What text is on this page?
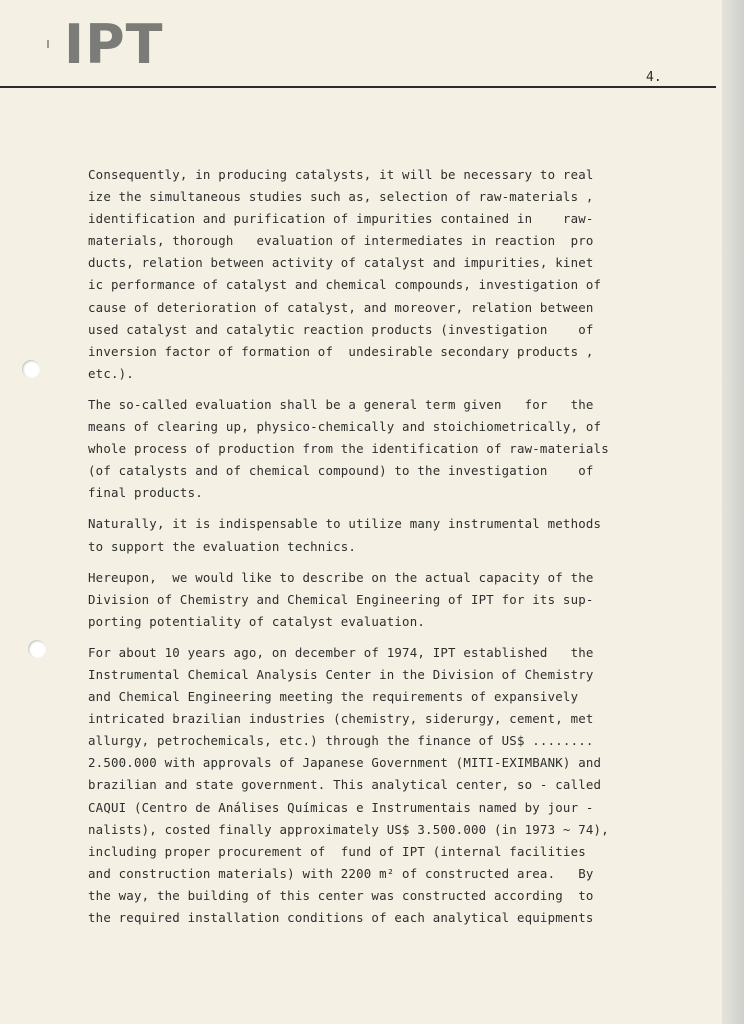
IPT
4.
Consequently, in producing catalysts, it will be necessary to real
ize the simultaneous studies such as, selection of raw-materials ,
identification and purification of impurities contained in    raw-
materials, thorough   evaluation of intermediates in reaction  pro
ducts, relation between activity of catalyst and impurities, kinet
ic performance of catalyst and chemical compounds, investigation of
cause of deterioration of catalyst, and moreover, relation between
used catalyst and catalytic reaction products (investigation    of
inversion factor of formation of  undesirable secondary products ,
etc.).
The so-called evaluation shall be a general term given   for   the
means of clearing up, physico-chemically and stoichiometrically, of
whole process of production from the identification of raw-materials
(of catalysts and of chemical compound) to the investigation    of
final products.
Naturally, it is indispensable to utilize many instrumental methods
to support the evaluation technics.
Hereupon,  we would like to describe on the actual capacity of the
Division of Chemistry and Chemical Engineering of IPT for its sup-
porting potentiality of catalyst evaluation.
For about 10 years ago, on december of 1974, IPT established   the
Instrumental Chemical Analysis Center in the Division of Chemistry
and Chemical Engineering meeting the requirements of expansively
intricated brazilian industries (chemistry, siderurgy, cement, met
allurgy, petrochemicals, etc.) through the finance of US$ ........
2.500.000 with approvals of Japanese Government (MITI-EXIMBANK) and
brazilian and state government. This analytical center, so - called
CAQUI (Centro de Análises Químicas e Instrumentais named by jour -
nalists), costed finally approximately US$ 3.500.000 (in 1973 ~ 74),
including proper procurement of  fund of IPT (internal facilities
and construction materials) with 2200 m² of constructed area.   By
the way, the building of this center was constructed according  to
the required installation conditions of each analytical equipments
